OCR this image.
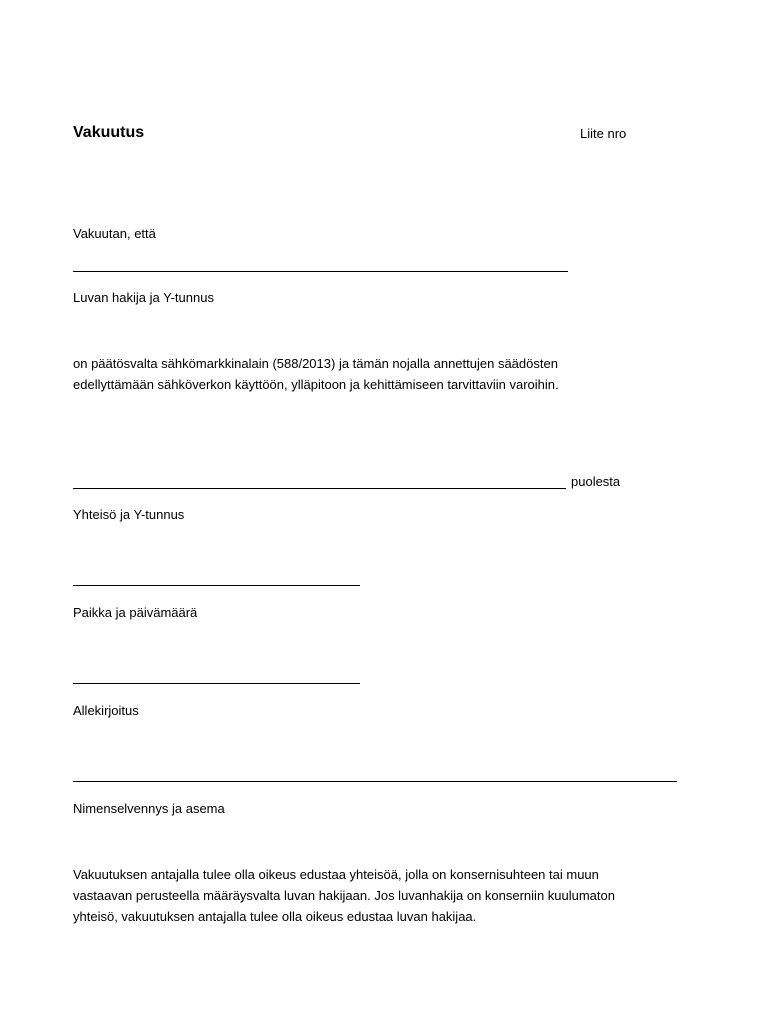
Vakuutus	Liite nro
Vakuutan, että
Luvan hakija ja Y-tunnus
on päätösvalta sähkömarkkinalain (588/2013) ja tämän nojalla annettujen säädösten
edellyttämään sähköverkon käyttöön, ylläpitoon ja kehittämiseen tarvittaviin varoihin.
puolesta
Yhteisö ja Y-tunnus
Paikka ja päivämäärä
Allekirjoitus
Nimenselvennys ja asema
Vakuutuksen antajalla tulee olla oikeus edustaa yhteisöä, jolla on konsernisuhteen tai muun
vastaavan perusteella määräysvalta luvan hakijaan. Jos luvanhakija on konserniin kuulumaton
yhteisö, vakuutuksen antajalla tulee olla oikeus edustaa luvan hakijaa.
